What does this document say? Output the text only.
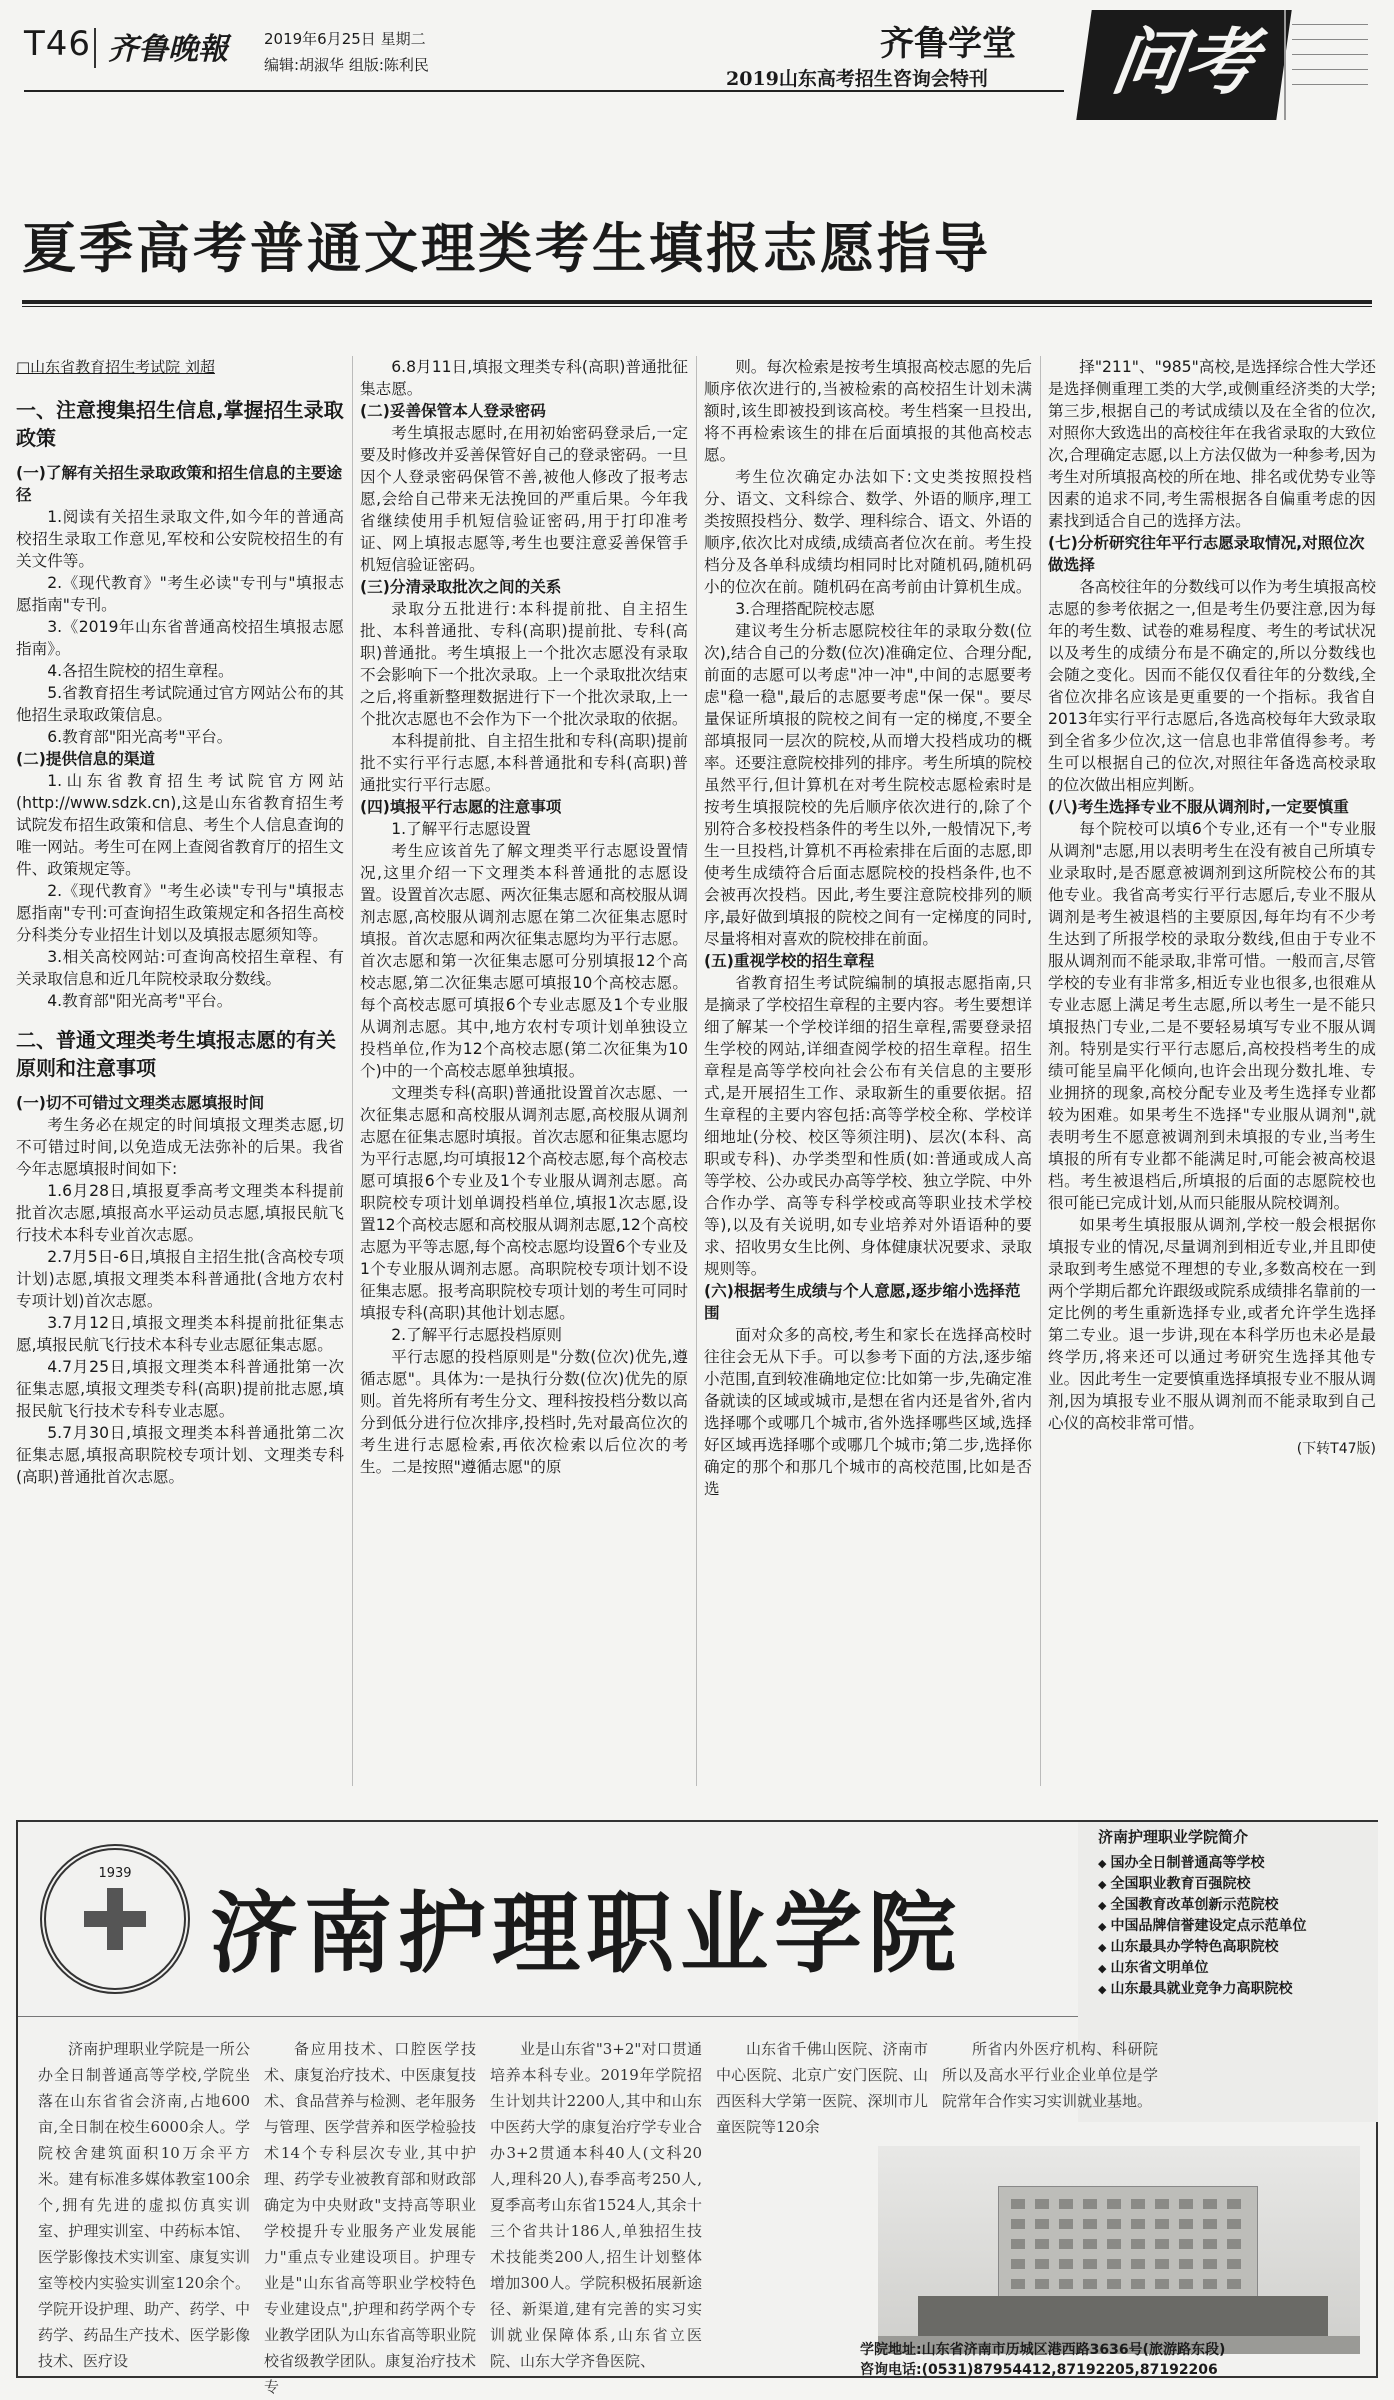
T46 齐鲁晚報 2019年6月25日 星期二
编辑:胡淑华 组版:陈利民
齐鲁学堂
2019山东高考招生咨询会特刊	问考
夏季高考普通文理类考生填报志愿指导
□山东省教育招生考试院 刘超
一、注意搜集招生信息,掌握招生录取政策

(一)了解有关招生录取政策和招生信息的主要途径

1.阅读有关招生录取文件,如今年的普通高校招生录取工作意见,军校和公安院校招生的有关文件等。

2.《现代教育》"考生必读"专刊与"填报志愿指南"专刊。

3.《2019年山东省普通高校招生填报志愿指南》。

4.各招生院校的招生章程。

5.省教育招生考试院通过官方网站公布的其他招生录取政策信息。

6.教育部"阳光高考"平台。

(二)提供信息的渠道

1.山东省教育招生考试院官方网站(http://www.sdzk.cn),这是山东省教育招生考试院发布招生政策和信息、考生个人信息查询的唯一网站。考生可在网上查阅省教育厅的招生文件、政策规定等。

2.《现代教育》"考生必读"专刊与"填报志愿指南"专刊:可查询招生政策规定和各招生高校分科类分专业招生计划以及填报志愿须知等。

3.相关高校网站:可查询高校招生章程、有关录取信息和近几年院校录取分数线。

4.教育部"阳光高考"平台。

二、普通文理类考生填报志愿的有关原则和注意事项

(一)切不可错过文理类志愿填报时间

考生务必在规定的时间填报文理类志愿,切不可错过时间,以免造成无法弥补的后果。我省今年志愿填报时间如下:

1.6月28日,填报夏季高考文理类本科提前批首次志愿,填报高水平运动员志愿,填报民航飞行技术本科专业首次志愿。

2.7月5日-6日,填报自主招生批(含高校专项计划)志愿,填报文理类本科普通批(含地方农村专项计划)首次志愿。

3.7月12日,填报文理类本科提前批征集志愿,填报民航飞行技术本科专业志愿征集志愿。

4.7月25日,填报文理类本科普通批第一次征集志愿,填报文理类专科(高职)提前批志愿,填报民航飞行技术专科专业志愿。

5.7月30日,填报文理类本科普通批第二次征集志愿,填报高职院校专项计划、文理类专科(高职)普通批首次志愿。

6.8月11日,填报文理类专科(高职)普通批征集志愿。

(二)妥善保管本人登录密码

考生填报志愿时,在用初始密码登录后,一定要及时修改并妥善保管好自己的登录密码。一旦因个人登录密码保管不善,被他人修改了报考志愿,会给自己带来无法挽回的严重后果。今年我省继续使用手机短信验证密码,用于打印准考证、网上填报志愿等,考生也要注意妥善保管手机短信验证密码。

(三)分清录取批次之间的关系

录取分五批进行:本科提前批、自主招生批、本科普通批、专科(高职)提前批、专科(高职)普通批。考生填报上一个批次志愿没有录取不会影响下一个批次录取。上一个录取批次结束之后,将重新整理数据进行下一个批次录取,上一个批次志愿也不会作为下一个批次录取的依据。

本科提前批、自主招生批和专科(高职)提前批不实行平行志愿,本科普通批和专科(高职)普通批实行平行志愿。

(四)填报平行志愿的注意事项

1.了解平行志愿设置

考生应该首先了解文理类平行志愿设置情况,这里介绍一下文理类本科普通批的志愿设置。设置首次志愿、两次征集志愿和高校服从调剂志愿,高校服从调剂志愿在第二次征集志愿时填报。首次志愿和两次征集志愿均为平行志愿。首次志愿和第一次征集志愿可分别填报12个高校志愿,第二次征集志愿可填报10个高校志愿。每个高校志愿可填报6个专业志愿及1个专业服从调剂志愿。其中,地方农村专项计划单独设立投档单位,作为12个高校志愿(第二次征集为10个)中的一个高校志愿单独填报。

文理类专科(高职)普通批设置首次志愿、一次征集志愿和高校服从调剂志愿,高校服从调剂志愿在征集志愿时填报。首次志愿和征集志愿均为平行志愿,均可填报12个高校志愿,每个高校志愿可填报6个专业及1个专业服从调剂志愿。高职院校专项计划单调投档单位,填报1次志愿,设置12个高校志愿和高校服从调剂志愿,12个高校志愿为平等志愿,每个高校志愿均设置6个专业及1个专业服从调剂志愿。高职院校专项计划不设征集志愿。报考高职院校专项计划的考生可同时填报专科(高职)其他计划志愿。

2.了解平行志愿投档原则

平行志愿的投档原则是"分数(位次)优先,遵循志愿"。具体为:一是执行分数(位次)优先的原则。首先将所有考生分文、理科按投档分数以高分到低分进行位次排序,投档时,先对最高位次的考生进行志愿检索,再依次检索以后位次的考生。二是按照"遵循志愿"的原

则。每次检索是按考生填报高校志愿的先后顺序依次进行的,当被检索的高校招生计划未满额时,该生即被投到该高校。考生档案一旦投出,将不再检索该生的排在后面填报的其他高校志愿。

考生位次确定办法如下:文史类按照投档分、语文、文科综合、数学、外语的顺序,理工类按照投档分、数学、理科综合、语文、外语的顺序,依次比对成绩,成绩高者位次在前。考生投档分及各单科成绩均相同时比对随机码,随机码小的位次在前。随机码在高考前由计算机生成。

3.合理搭配院校志愿

建议考生分析志愿院校往年的录取分数(位次),结合自己的分数(位次)准确定位、合理分配,前面的志愿可以考虑"冲一冲",中间的志愿要考虑"稳一稳",最后的志愿要考虑"保一保"。要尽量保证所填报的院校之间有一定的梯度,不要全部填报同一层次的院校,从而增大投档成功的概率。还要注意院校排列的排序。考生所填的院校虽然平行,但计算机在对考生院校志愿检索时是按考生填报院校的先后顺序依次进行的,除了个别符合多校投档条件的考生以外,一般情况下,考生一旦投档,计算机不再检索排在后面的志愿,即使考生成绩符合后面志愿院校的投档条件,也不会被再次投档。因此,考生要注意院校排列的顺序,最好做到填报的院校之间有一定梯度的同时,尽量将相对喜欢的院校排在前面。

(五)重视学校的招生章程

省教育招生考试院编制的填报志愿指南,只是摘录了学校招生章程的主要内容。考生要想详细了解某一个学校详细的招生章程,需要登录招生学校的网站,详细查阅学校的招生章程。招生章程是高等学校向社会公布有关信息的主要形式,是开展招生工作、录取新生的重要依据。招生章程的主要内容包括:高等学校全称、学校详细地址(分校、校区等须注明)、层次(本科、高职或专科)、办学类型和性质(如:普通或成人高等学校、公办或民办高等学校、独立学院、中外合作办学、高等专科学校或高等职业技术学校等),以及有关说明,如专业培养对外语语种的要求、招收男女生比例、身体健康状况要求、录取规则等。

(六)根据考生成绩与个人意愿,逐步缩小选择范围

面对众多的高校,考生和家长在选择高校时往往会无从下手。可以参考下面的方法,逐步缩小范围,直到较准确地定位:比如第一步,先确定准备就读的区域或城市,是想在省内还是省外,省内选择哪个或哪几个城市,省外选择哪些区域,选择好区域再选择哪个或哪几个城市;第二步,选择你确定的那个和那几个城市的高校范围,比如是否选

择"211"、"985"高校,是选择综合性大学还是选择侧重理工类的大学,或侧重经济类的大学;第三步,根据自己的考试成绩以及在全省的位次,对照你大致选出的高校往年在我省录取的大致位次,合理确定志愿,以上方法仅做为一种参考,因为考生对所填报高校的所在地、排名或优势专业等因素的追求不同,考生需根据各自偏重考虑的因素找到适合自己的选择方法。

(七)分析研究往年平行志愿录取情况,对照位次做选择

各高校往年的分数线可以作为考生填报高校志愿的参考依据之一,但是考生仍要注意,因为每年的考生数、试卷的难易程度、考生的考试状况以及考生的成绩分布是不确定的,所以分数线也会随之变化。因而不能仅仅看往年的分数线,全省位次排名应该是更重要的一个指标。我省自2013年实行平行志愿后,各选高校每年大致录取到全省多少位次,这一信息也非常值得参考。考生可以根据自己的位次,对照往年备选高校录取的位次做出相应判断。

(八)考生选择专业不服从调剂时,一定要慎重

每个院校可以填6个专业,还有一个"专业服从调剂"志愿,用以表明考生在没有被自己所填专业录取时,是否愿意被调剂到这所院校公布的其他专业。我省高考实行平行志愿后,专业不服从调剂是考生被退档的主要原因,每年均有不少考生达到了所报学校的录取分数线,但由于专业不服从调剂而不能录取,非常可惜。一般而言,尽管学校的专业有非常多,相近专业也很多,也很难从专业志愿上满足考生志愿,所以考生一是不能只填报热门专业,二是不要轻易填写专业不服从调剂。特别是实行平行志愿后,高校投档考生的成绩可能呈扁平化倾向,也许会出现分数扎堆、专业拥挤的现象,高校分配专业及考生选择专业都较为困难。如果考生不选择"专业服从调剂",就表明考生不愿意被调剂到未填报的专业,当考生填报的所有专业都不能满足时,可能会被高校退档。考生被退档后,所填报的后面的志愿院校也很可能已完成计划,从而只能服从院校调剂。

如果考生填报服从调剂,学校一般会根据你填报专业的情况,尽量调剂到相近专业,并且即使录取到考生感觉不理想的专业,多数高校在一到两个学期后都允许跟级或院系成绩排名靠前的一定比例的考生重新选择专业,或者允许学生选择第二专业。退一步讲,现在本科学历也未必是最终学历,将来还可以通过考研究生选择其他专业。因此考生一定要慎重选择填报专业不服从调剂,因为填报专业不服从调剂而不能录取到自己心仪的高校非常可惜。

(下转T47版)
1939
济南护理职业学院
济南护理职业学院简介
◆ 国办全日制普通高等学校
◆ 全国职业教育百强院校
◆ 全国教育改革创新示范院校
◆ 中国品牌信誉建设定点示范单位
◆ 山东最具办学特色高职院校
◆ 山东省文明单位
◆ 山东最具就业竞争力高职院校
济南护理职业学院是一所公办全日制普通高等学校,学院坐落在山东省省会济南,占地600亩,全日制在校生6000余人。学院校舍建筑面积10万余平方米。建有标准多媒体教室100余个,拥有先进的虚拟仿真实训室、护理实训室、中药标本馆、医学影像技术实训室、康复实训室等校内实验实训室120余个。学院开设护理、助产、药学、中药学、药品生产技术、医学影像技术、医疗设
备应用技术、口腔医学技术、康复治疗技术、中医康复技术、食品营养与检测、老年服务与管理、医学营养和医学检验技术14个专科层次专业,其中护理、药学专业被教育部和财政部确定为中央财政"支持高等职业学校提升专业服务产业发展能力"重点专业建设项目。护理专业是"山东省高等职业学校特色专业建设点",护理和药学两个专业教学团队为山东省高等职业院校省级教学团队。康复治疗技术专
业是山东省"3+2"对口贯通培养本科专业。2019年学院招生计划共计2200人,其中和山东中医药大学的康复治疗学专业合办3+2贯通本科40人(文科20人,理科20人),春季高考250人,夏季高考山东省1524人,其余十三个省共计186人,单独招生技术技能类200人,招生计划整体增加300人。学院积极拓展新途径、新渠道,建有完善的实习实训就业保障体系,山东省立医院、山东大学齐鲁医院、
山东省千佛山医院、济南市中心医院、北京广安门医院、山西医科大学第一医院、深圳市儿童医院等120余
所省内外医疗机构、科研院所以及高水平行业企业单位是学院常年合作实习实训就业基地。
学院地址:山东省济南市历城区港西路3636号(旅游路东段)
咨询电话:(0531)87954412,87192205,87192206
